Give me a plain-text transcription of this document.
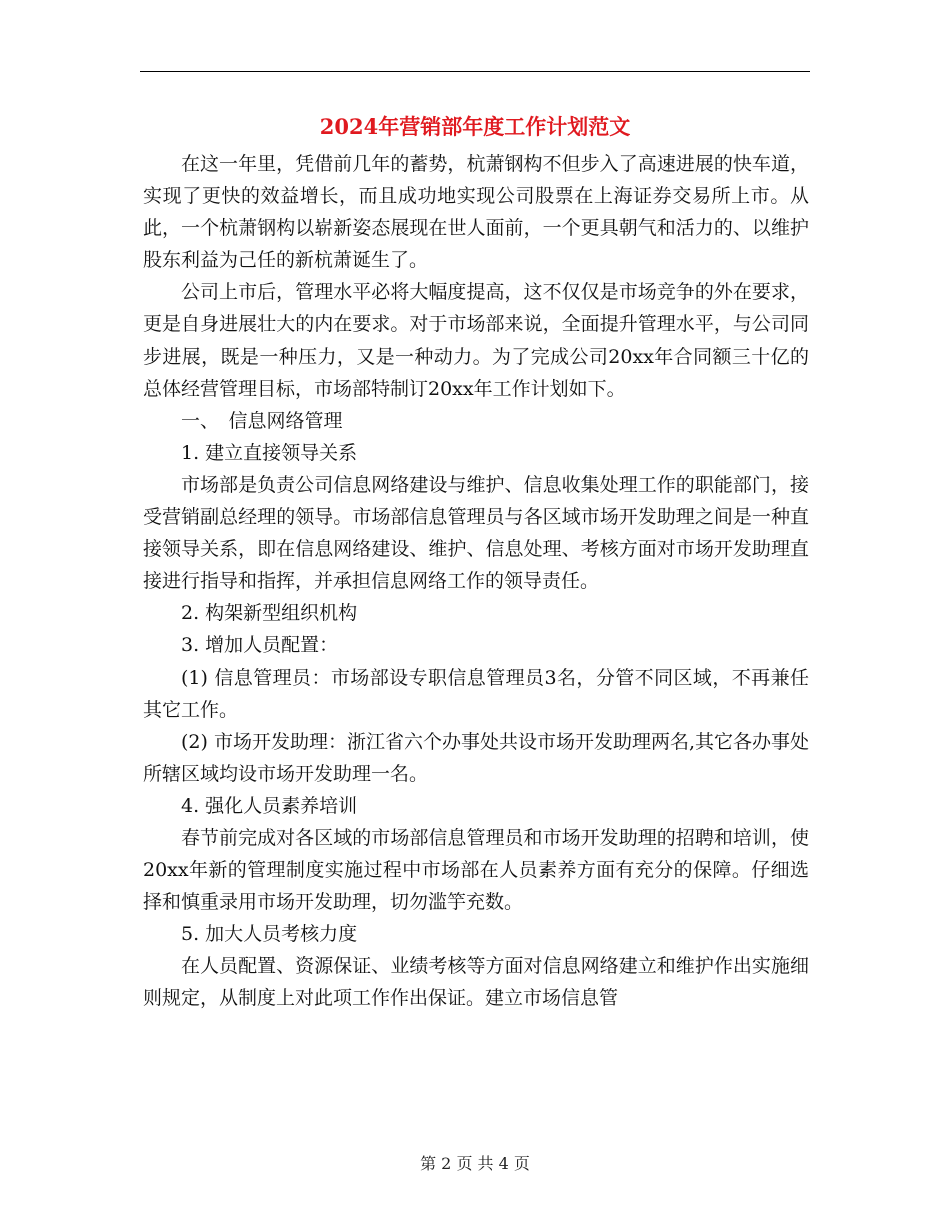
2024年营销部年度工作计划范文

在这一年里，凭借前几年的蓄势，杭萧钢构不但步入了高速进展的快车道，实现了更快的效益增长，而且成功地实现公司股票在上海证券交易所上市。从此，一个杭萧钢构以崭新姿态展现在世人面前，一个更具朝气和活力的、以维护股东利益为己任的新杭萧诞生了。

公司上市后，管理水平必将大幅度提高，这不仅仅是市场竞争的外在要求，更是自身进展壮大的内在要求。对于市场部来说，全面提升管理水平，与公司同步进展，既是一种压力，又是一种动力。为了完成公司20xx年合同额三十亿的总体经营管理目标，市场部特制订20xx年工作计划如下。

一、　信息网络管理

1. 建立直接领导关系

市场部是负责公司信息网络建设与维护、信息收集处理工作的职能部门，接受营销副总经理的领导。市场部信息管理员与各区域市场开发助理之间是一种直接领导关系，即在信息网络建设、维护、信息处理、考核方面对市场开发助理直接进行指导和指挥，并承担信息网络工作的领导责任。

2. 构架新型组织机构

3. 增加人员配置：

(1) 信息管理员：市场部设专职信息管理员3名，分管不同区域，不再兼任其它工作。

(2) 市场开发助理：浙江省六个办事处共设市场开发助理两名,其它各办事处所辖区域均设市场开发助理一名。

4. 强化人员素养培训

春节前完成对各区域的市场部信息管理员和市场开发助理的招聘和培训，使20xx年新的管理制度实施过程中市场部在人员素养方面有充分的保障。仔细选择和慎重录用市场开发助理，切勿滥竽充数。

5. 加大人员考核力度

在人员配置、资源保证、业绩考核等方面对信息网络建立和维护作出实施细则规定，从制度上对此项工作作出保证。建立市场信息管

第 2 页 共 4 页
